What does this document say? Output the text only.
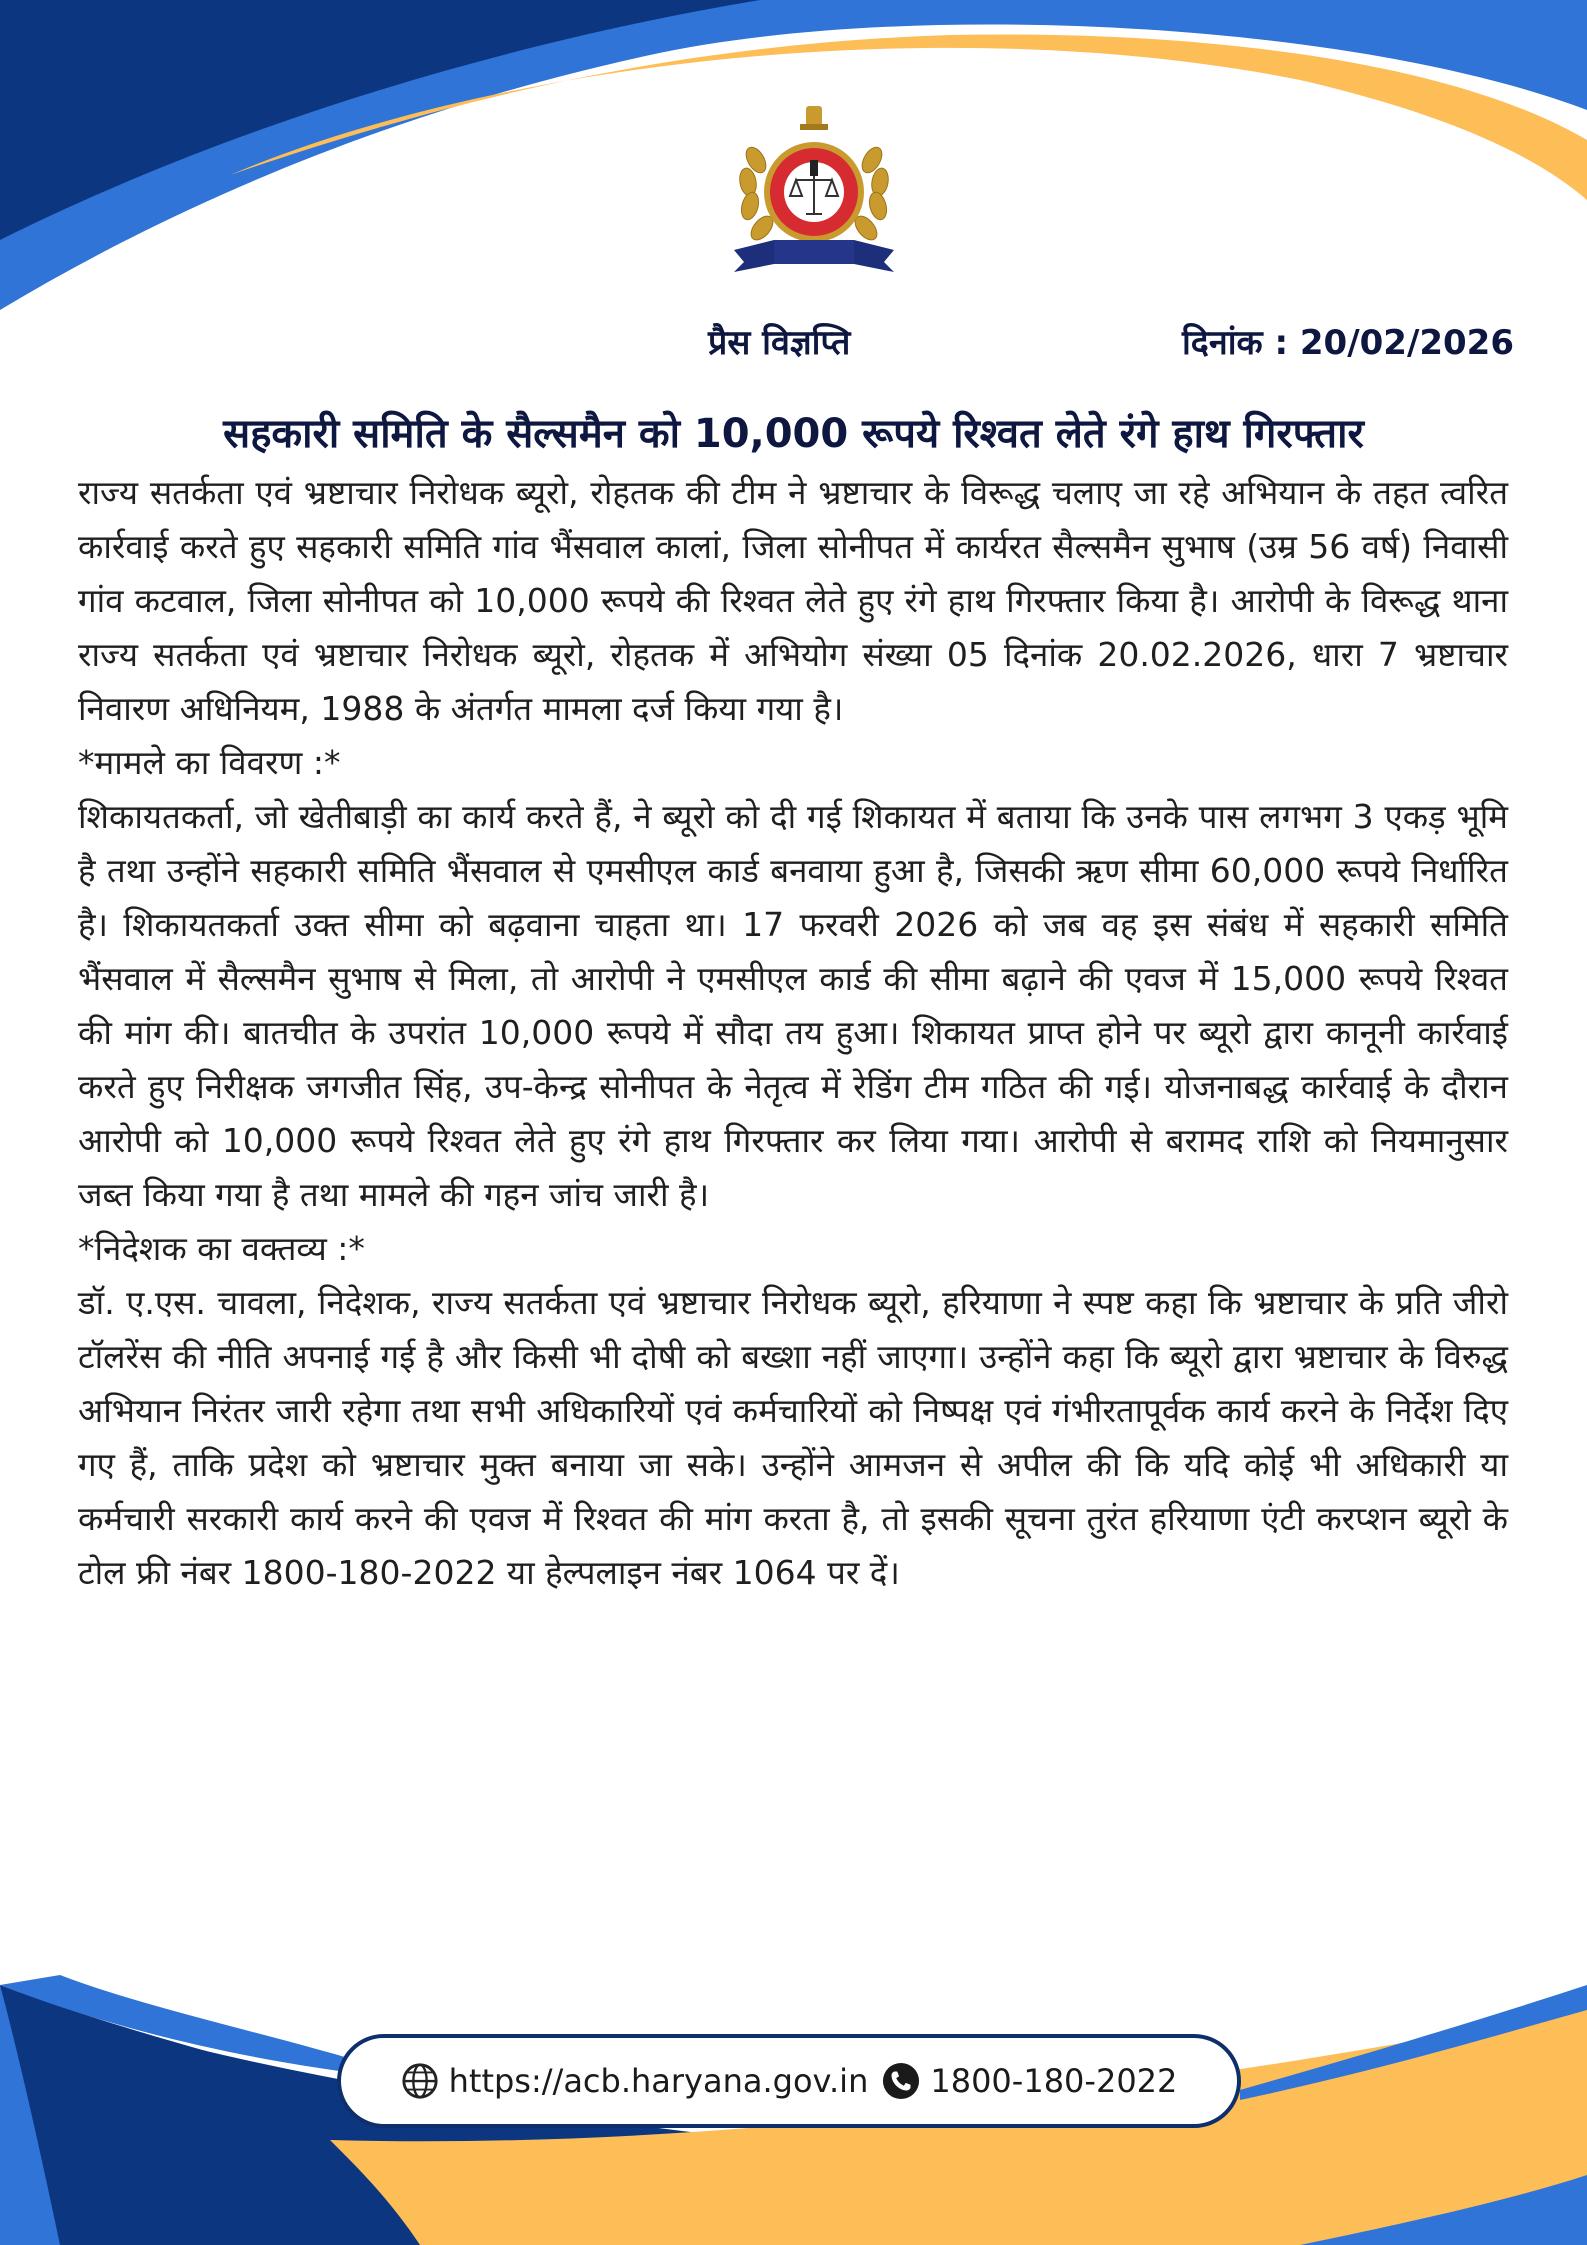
प्रैस विज्ञप्ति	दिनांक : 20/02/2026
सहकारी समिति के सैल्समैन को 10,000 रूपये रिश्वत लेते रंगे हाथ गिरफ्तार

राज्य सतर्कता एवं भ्रष्टाचार निरोधक ब्यूरो, रोहतक की टीम ने भ्रष्टाचार के विरूद्ध चलाए जा रहे अभियान के तहत त्वरित कार्रवाई करते हुए सहकारी समिति गांव भैंसवाल कालां, जिला सोनीपत में कार्यरत सैल्समैन सुभाष (उम्र 56 वर्ष) निवासी गांव कटवाल, जिला सोनीपत को 10,000 रूपये की रिश्वत लेते हुए रंगे हाथ गिरफ्तार किया है। आरोपी के विरूद्ध थाना राज्य सतर्कता एवं भ्रष्टाचार निरोधक ब्यूरो, रोहतक में अभियोग संख्या 05 दिनांक 20.02.2026, धारा 7 भ्रष्टाचार निवारण अधिनियम, 1988 के अंतर्गत मामला दर्ज किया गया है।

*मामले का विवरण :*

शिकायतकर्ता, जो खेतीबाड़ी का कार्य करते हैं, ने ब्यूरो को दी गई शिकायत में बताया कि उनके पास लगभग 3 एकड़ भूमि है तथा उन्होंने सहकारी समिति भैंसवाल से एमसीएल कार्ड बनवाया हुआ है, जिसकी ऋण सीमा 60,000 रूपये निर्धारित है। शिकायतकर्ता उक्त सीमा को बढ़वाना चाहता था। 17 फरवरी 2026 को जब वह इस संबंध में सहकारी समिति भैंसवाल में सैल्समैन सुभाष से मिला, तो आरोपी ने एमसीएल कार्ड की सीमा बढ़ाने की एवज में 15,000 रूपये रिश्वत की मांग की। बातचीत के उपरांत 10,000 रूपये में सौदा तय हुआ। शिकायत प्राप्त होने पर ब्यूरो द्वारा कानूनी कार्रवाई करते हुए निरीक्षक जगजीत सिंह, उप-केन्द्र सोनीपत के नेतृत्व में रेडिंग टीम गठित की गई। योजनाबद्ध कार्रवाई के दौरान आरोपी को 10,000 रूपये रिश्वत लेते हुए रंगे हाथ गिरफ्तार कर लिया गया। आरोपी से बरामद राशि को नियमानुसार जब्त किया गया है तथा मामले की गहन जांच जारी है।

*निदेशक का वक्तव्य :*

डॉ. ए.एस. चावला, निदेशक, राज्य सतर्कता एवं भ्रष्टाचार निरोधक ब्यूरो, हरियाणा ने स्पष्ट कहा कि भ्रष्टाचार के प्रति जीरो टॉलरेंस की नीति अपनाई गई है और किसी भी दोषी को बख्शा नहीं जाएगा। उन्होंने कहा कि ब्यूरो द्वारा भ्रष्टाचार के विरुद्ध अभियान निरंतर जारी रहेगा तथा सभी अधिकारियों एवं कर्मचारियों को निष्पक्ष एवं गंभीरतापूर्वक कार्य करने के निर्देश दिए गए हैं, ताकि प्रदेश को भ्रष्टाचार मुक्त बनाया जा सके। उन्होंने आमजन से अपील की कि यदि कोई भी अधिकारी या कर्मचारी सरकारी कार्य करने की एवज में रिश्वत की मांग करता है, तो इसकी सूचना तुरंत हरियाणा एंटी करप्शन ब्यूरो के टोल फ्री नंबर 1800-180-2022 या हेल्पलाइन नंबर 1064 पर दें।

https://acb.haryana.gov.in 1800-180-2022
